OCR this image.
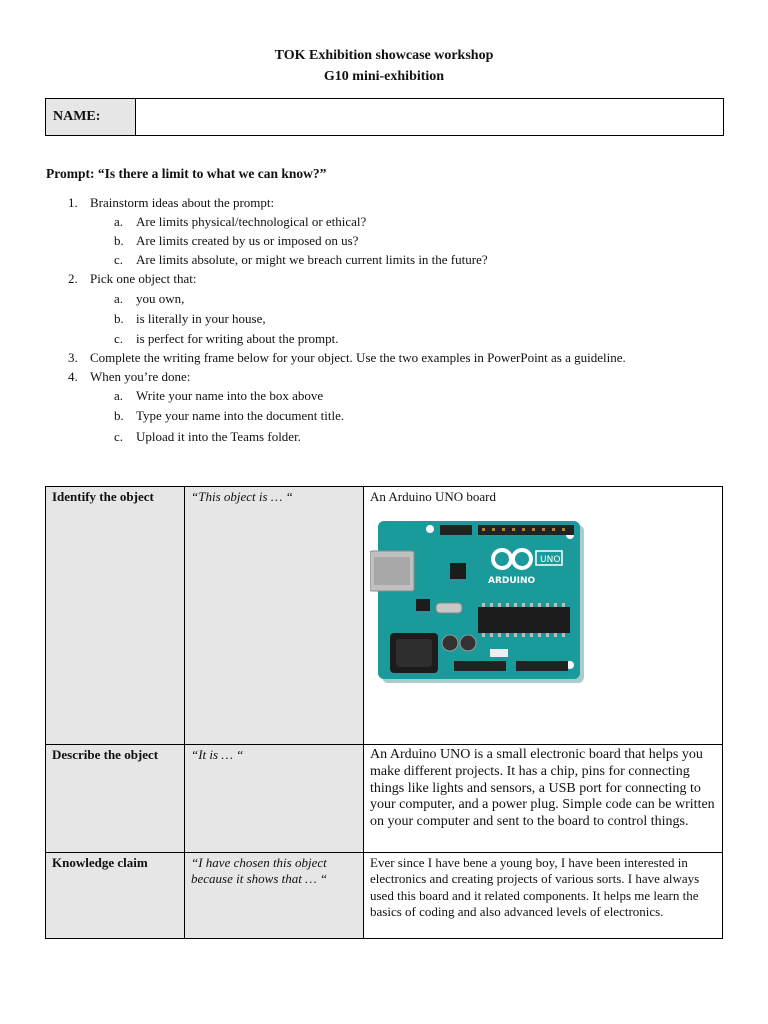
TOK Exhibition showcase workshop
G10 mini-exhibition
NAME:
Prompt: “Is there a limit to what we can know?”
1. Brainstorm ideas about the prompt:
a. Are limits physical/technological or ethical?
b. Are limits created by us or imposed on us?
c. Are limits absolute, or might we breach current limits in the future?
2. Pick one object that:
a. you own,
b. is literally in your house,
c. is perfect for writing about the prompt.
3. Complete the writing frame below for your object. Use the two examples in PowerPoint as a guideline.
4. When you’re done:
a. Write your name into the box above
b. Type your name into the document title.
c. Upload it into the Teams folder.
Identify the object	“This object is … “	An Arduino UNO board
ARDUINO
UNO

Describe the object	“It is … “	An Arduino UNO is a small electronic board that helps you make different projects. It has a chip, pins for connecting things like lights and sensors, a USB port for connecting to your computer, and a power plug. Simple code can be written on your computer and sent to the board to control things.
Knowledge claim	“I have chosen this object because it shows that … “	Ever since I have bene a young boy, I have been interested in electronics and creating projects of various sorts. I have always used this board and it related components. It helps me learn the basics of coding and also advanced levels of electronics.
